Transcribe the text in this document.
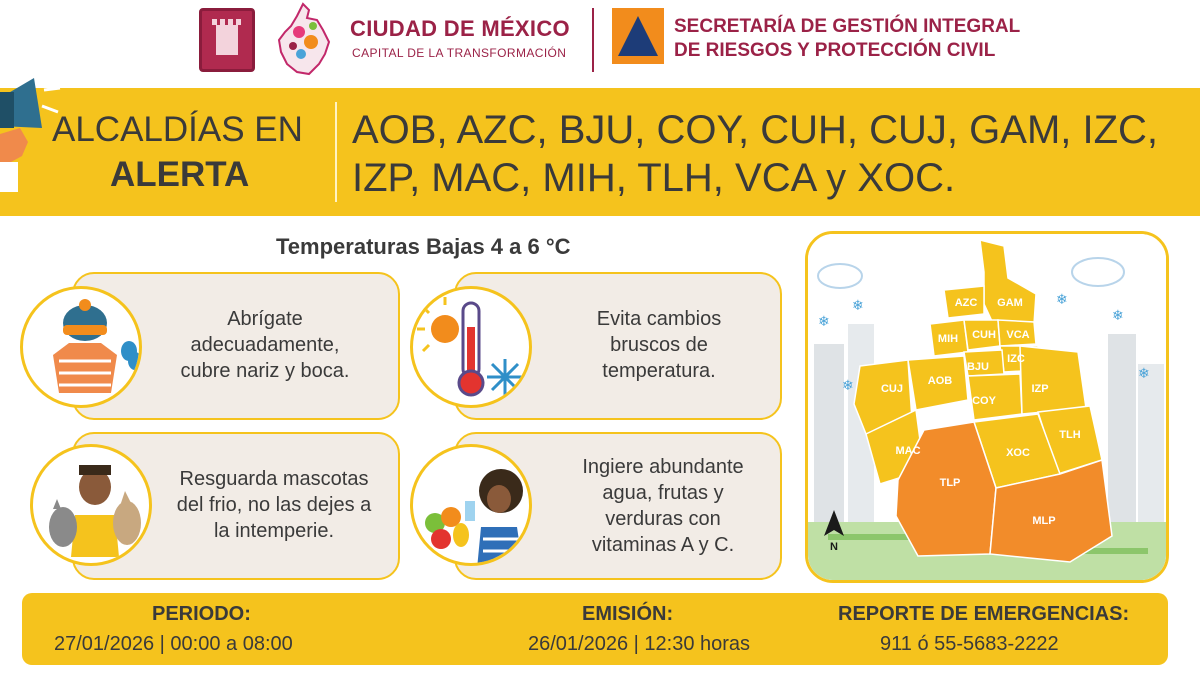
CIUDAD DE MÉXICO
CAPITAL DE LA TRANSFORMACIÓN
SECRETARÍA DE GESTIÓN INTEGRAL
DE RIESGOS Y PROTECCIÓN CIVIL
ALCALDÍAS EN
ALERTA
AOB, AZC, BJU, COY, CUH, CUJ, GAM, IZC,
IZP, MAC, MIH, TLH, VCA y XOC.
Temperaturas Bajas 4 a 6 °C
Abrígate
adecuadamente,
cubre nariz y boca.
Evita cambios
bruscos de
temperatura.
Resguarda mascotas
del frio, no las dejes a
la intemperie.
Ingiere abundante
agua, frutas y
verduras con
vitaminas A y C.
❄
❄
❄
❄
❄
❄
AZC GAM
MIH CUH VCA
IZC
BJU
CUJ
AOB
COY
IZP
TLH
MAC	XOC
TLP
MLP
N
PERIODO:
27/01/2026 | 00:00 a 08:00
EMISIÓN:
26/01/2026 | 12:30 horas
REPORTE DE EMERGENCIAS:
911 ó 55-5683-2222
